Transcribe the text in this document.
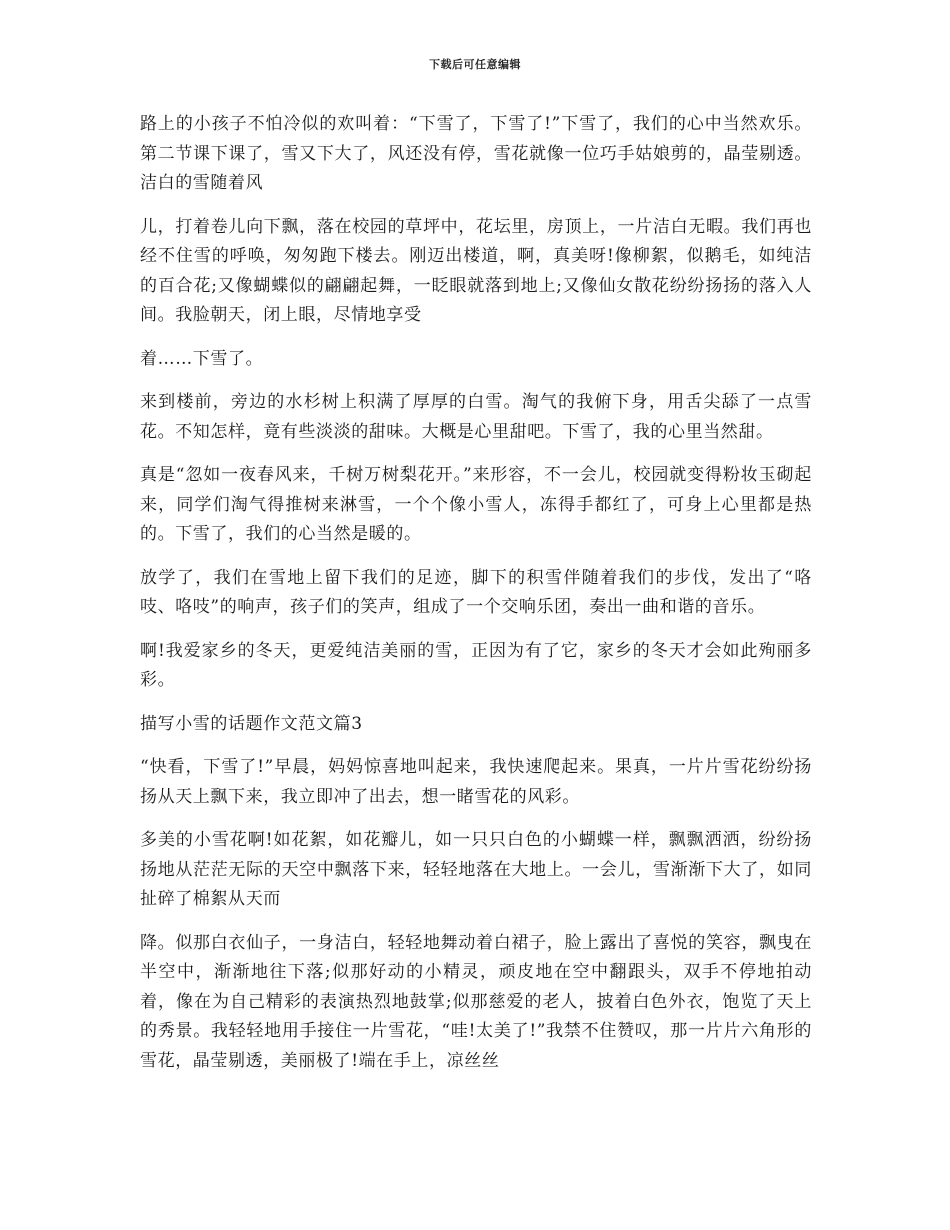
下载后可任意编辑

路上的小孩子不怕冷似的欢叫着：“下雪了，下雪了!”下雪了，我们的心中当然欢乐。第二节课下课了，雪又下大了，风还没有停，雪花就像一位巧手姑娘剪的，晶莹剔透。洁白的雪随着风

儿，打着卷儿向下飘，落在校园的草坪中，花坛里，房顶上，一片洁白无暇。我们再也经不住雪的呼唤，匆匆跑下楼去。刚迈出楼道，啊，真美呀!像柳絮，似鹅毛，如纯洁的百合花;又像蝴蝶似的翩翩起舞，一眨眼就落到地上;又像仙女散花纷纷扬扬的落入人间。我脸朝天，闭上眼，尽情地享受

着……下雪了。

来到楼前，旁边的水杉树上积满了厚厚的白雪。淘气的我俯下身，用舌尖舔了一点雪花。不知怎样，竟有些淡淡的甜味。大概是心里甜吧。下雪了，我的心里当然甜。

真是“忽如一夜春风来，千树万树梨花开。”来形容，不一会儿，校园就变得粉妆玉砌起来，同学们淘气得推树来淋雪，一个个像小雪人，冻得手都红了，可身上心里都是热的。下雪了，我们的心当然是暖的。

放学了，我们在雪地上留下我们的足迹，脚下的积雪伴随着我们的步伐，发出了“咯吱、咯吱”的响声，孩子们的笑声，组成了一个交响乐团，奏出一曲和谐的音乐。

啊!我爱家乡的冬天，更爱纯洁美丽的雪，正因为有了它，家乡的冬天才会如此殉丽多彩。

描写小雪的话题作文范文篇3

“快看，下雪了!”早晨，妈妈惊喜地叫起来，我快速爬起来。果真，一片片雪花纷纷扬扬从天上飘下来，我立即冲了出去，想一睹雪花的风彩。

多美的小雪花啊!如花絮，如花瓣儿，如一只只白色的小蝴蝶一样，飘飘洒洒，纷纷扬扬地从茫茫无际的天空中飘落下来，轻轻地落在大地上。一会儿，雪渐渐下大了，如同扯碎了棉絮从天而

降。似那白衣仙子，一身洁白，轻轻地舞动着白裙子，脸上露出了喜悦的笑容，飘曳在半空中，渐渐地往下落;似那好动的小精灵，顽皮地在空中翻跟头，双手不停地拍动着，像在为自己精彩的表演热烈地鼓掌;似那慈爱的老人，披着白色外衣，饱览了天上的秀景。我轻轻地用手接住一片雪花，“哇!太美了!”我禁不住赞叹，那一片片六角形的雪花，晶莹剔透，美丽极了!端在手上，凉丝丝
